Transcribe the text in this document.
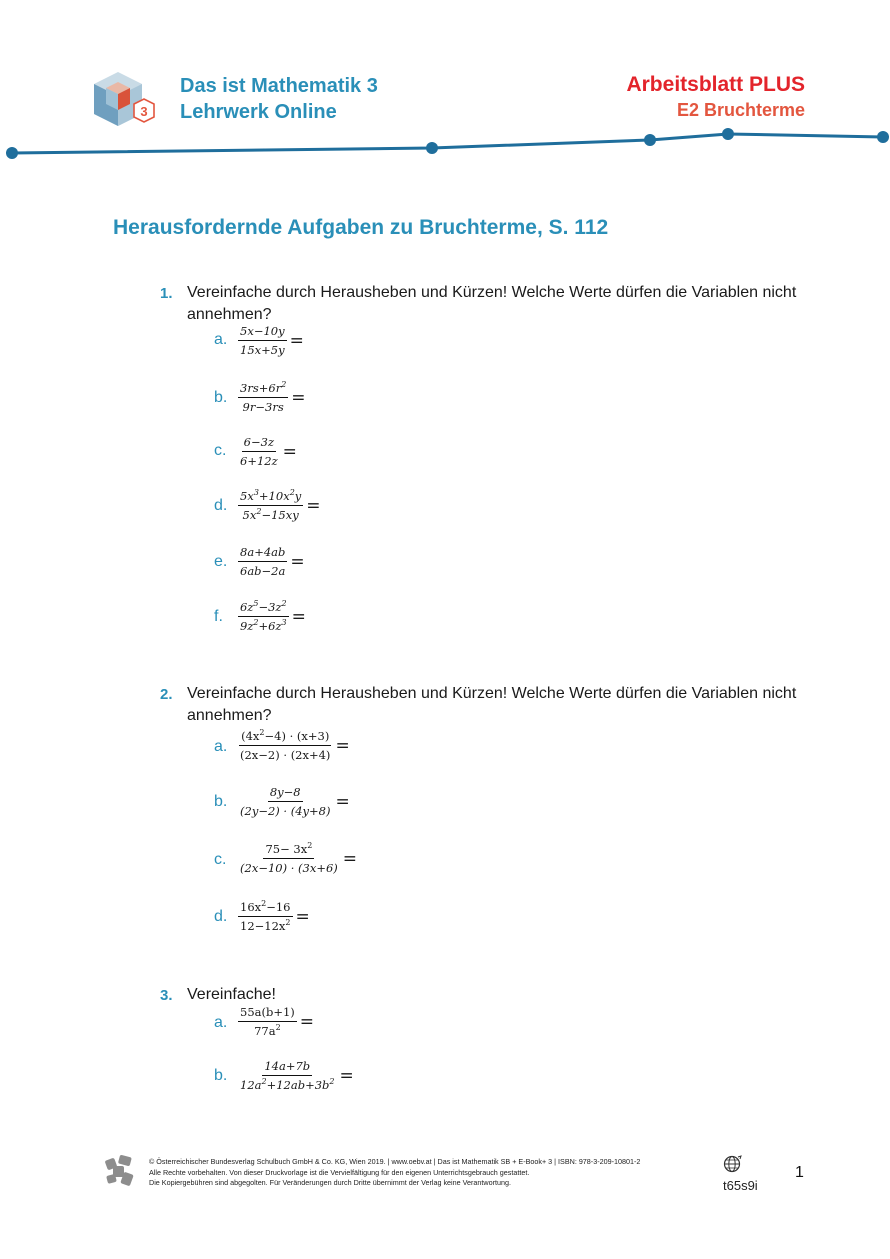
3
Das ist Mathematik 3
Lehrwerk Online
Arbeitsblatt PLUS
E2 Bruchterme
Herausfordernde Aufgaben zu Bruchterme, S. 112
1. Vereinfache durch Herausheben und Kürzen! Welche Werte dürfen die Variablen nicht annehmen?
a. $\frac{5x-10y}{15x+5y}$ =
b. $\frac{3rs+6r^2}{9r-3rs}$ =
c. $\frac{6-3z}{6+12z}$ =
d. $\frac{5x^3+10x^2y}{5x^2-15xy}$ =
e. $\frac{8a+4ab}{6ab-2a}$ =
f. $\frac{6z^5-3z^2}{9z^2+6z^3}$ =
2. Vereinfache durch Herausheben und Kürzen! Welche Werte dürfen die Variablen nicht annehmen?
a. $\frac{(4x^2-4) \cdot (x+3)}{(2x-2) \cdot (2x+4)}$ =
b. $\frac{8y-8}{(2y-2) \cdot (4y+8)}$ =
c. $\frac{75- 3x^2}{(2x-10) \cdot (3x+6)}$ =
d. $\frac{16x^2-16}{12-12x^2}$ =
3. Vereinfache!
a. $\frac{55a(b+1)}{77a^2}$ =
b. $\frac{14a+7b}{12a^2+12ab+3b^2}$ =
© Österreichischer Bundesverlag Schulbuch GmbH & Co. KG, Wien 2019. | www.oebv.at | Das ist Mathematik SB + E-Book+ 3 | ISBN: 978-3-209-10801-2
Alle Rechte vorbehalten. Von dieser Druckvorlage ist die Vervielfältigung für den eigenen Unterrichtsgebrauch gestattet.
Die Kopiergebühren sind abgegolten. Für Veränderungen durch Dritte übernimmt der Verlag keine Verantwortung.	t65s9i
1
